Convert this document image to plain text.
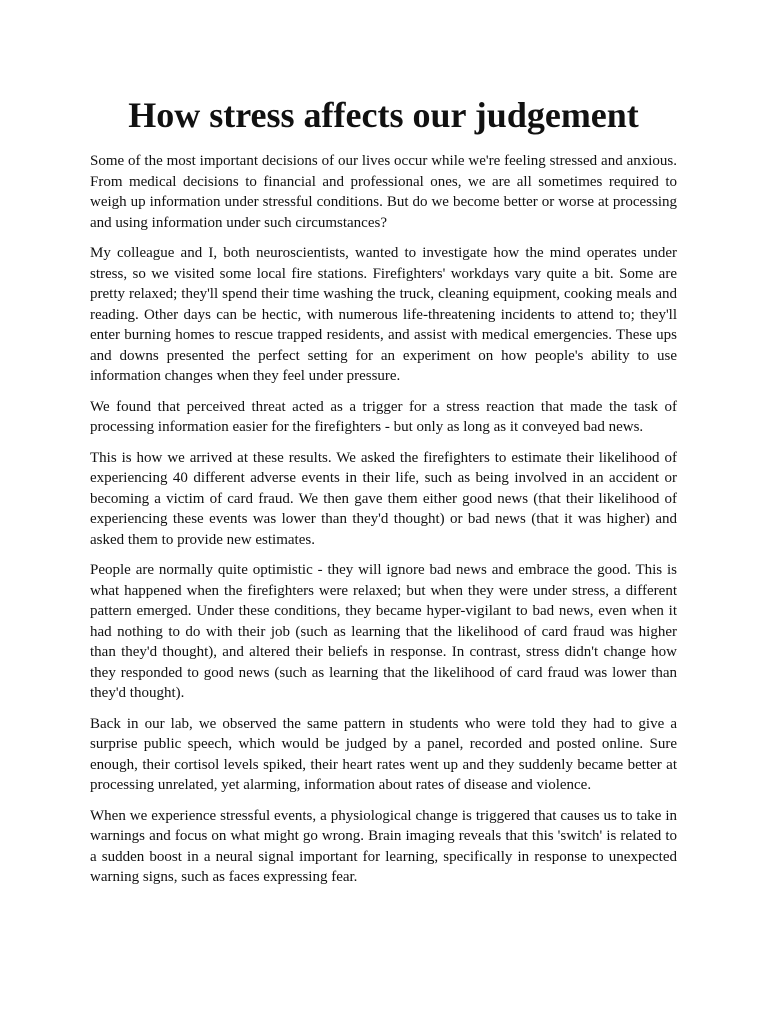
How stress affects our judgement

Some of the most important decisions of our lives occur while we're feeling stressed and anxious. From medical decisions to financial and professional ones, we are all sometimes required to weigh up information under stressful conditions. But do we become better or worse at processing and using information under such circumstances?

My colleague and I, both neuroscientists, wanted to investigate how the mind operates under stress, so we visited some local fire stations. Firefighters' workdays vary quite a bit. Some are pretty relaxed; they'll spend their time washing the truck, cleaning equipment, cooking meals and reading. Other days can be hectic, with numerous life-threatening incidents to attend to; they'll enter burning homes to rescue trapped residents, and assist with medical emergencies. These ups and downs presented the perfect setting for an experiment on how people's ability to use information changes when they feel under pressure.

We found that perceived threat acted as a trigger for a stress reaction that made the task of processing information easier for the firefighters - but only as long as it conveyed bad news.

This is how we arrived at these results. We asked the firefighters to estimate their likelihood of experiencing 40 different adverse events in their life, such as being involved in an accident or becoming a victim of card fraud. We then gave them either good news (that their likelihood of experiencing these events was lower than they'd thought) or bad news (that it was higher) and asked them to provide new estimates.

People are normally quite optimistic - they will ignore bad news and embrace the good. This is what happened when the firefighters were relaxed; but when they were under stress, a different pattern emerged. Under these conditions, they became hyper-vigilant to bad news, even when it had nothing to do with their job (such as learning that the likelihood of card fraud was higher than they'd thought), and altered their beliefs in response. In contrast, stress didn't change how they responded to good news (such as learning that the likelihood of card fraud was lower than they'd thought).

Back in our lab, we observed the same pattern in students who were told they had to give a surprise public speech, which would be judged by a panel, recorded and posted online. Sure enough, their cortisol levels spiked, their heart rates went up and they suddenly became better at processing unrelated, yet alarming, information about rates of disease and violence.

When we experience stressful events, a physiological change is triggered that causes us to take in warnings and focus on what might go wrong. Brain imaging reveals that this 'switch' is related to a sudden boost in a neural signal important for learning, specifically in response to unexpected warning signs, such as faces expressing fear.
